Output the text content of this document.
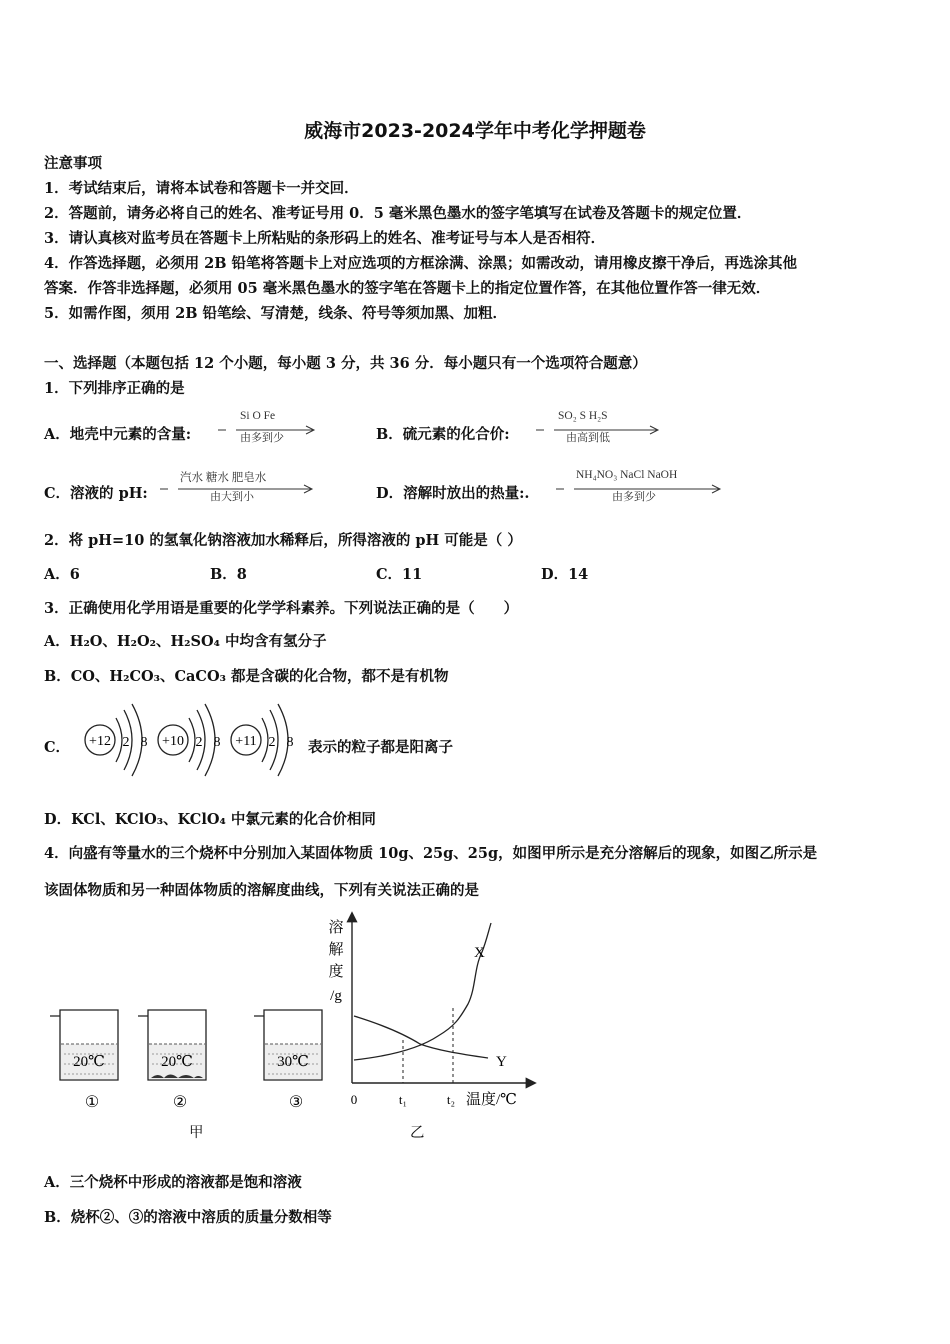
威海市2023-2024学年中考化学押题卷
注意事项
1．考试结束后，请将本试卷和答题卡一并交回．
2．答题前，请务必将自己的姓名、准考证号用 0．5 毫米黑色墨水的签字笔填写在试卷及答题卡的规定位置．
3．请认真核对监考员在答题卡上所粘贴的条形码上的姓名、准考证号与本人是否相符．
4．作答选择题，必须用 2B 铅笔将答题卡上对应选项的方框涂满、涂黑；如需改动，请用橡皮擦干净后，再选涂其他
答案．作答非选择题，必须用 05 毫米黑色墨水的签字笔在答题卡上的指定位置作答，在其他位置作答一律无效．
5．如需作图，须用 2B 铅笔绘、写清楚，线条、符号等须加黑、加粗．
一、选择题（本题包括 12 个小题，每小题 3 分，共 36 分．每小题只有一个选项符合题意）
1．下列排序正确的是
A．地壳中元素的含量:
Si O Fe
由多到少	B．硫元素的化合价:
SO₂ S H₂S
由高到低
C．溶液的 pH:
汽水 糖水 肥皂水
由大到小	D．溶解时放出的热量:.
NH₄NO₃ NaCl NaOH
由多到少
2．将 pH=10 的氢氧化钠溶液加水稀释后，所得溶液的 pH 可能是（ ）
A．6	B．8	C．11	D．14
3．正确使用化学用语是重要的化学学科素养。下列说法正确的是（　　）
A．H₂O、H₂O₂、H₂SO₄ 中均含有氢分子
B．CO、H₂CO₃、CaCO₃ 都是含碳的化合物，都不是有机物
C． +12 2 8 +10 2 8 +11 2 8 表示的粒子都是阳离子
D．KCl、KClO₃、KClO₄ 中氯元素的化合价相同
4．向盛有等量水的三个烧杯中分别加入某固体物质 10g、25g、25g，如图甲所示是充分溶解后的现象，如图乙所示是
该固体物质和另一种固体物质的溶解度曲线，下列有关说法正确的是
20℃
①
20℃
②
30℃
③
甲
溶
解
度
/g
X
Y
0	t₁	t₂ 温度/℃
乙
A．三个烧杯中形成的溶液都是饱和溶液
B．烧杯②、③的溶液中溶质的质量分数相等
